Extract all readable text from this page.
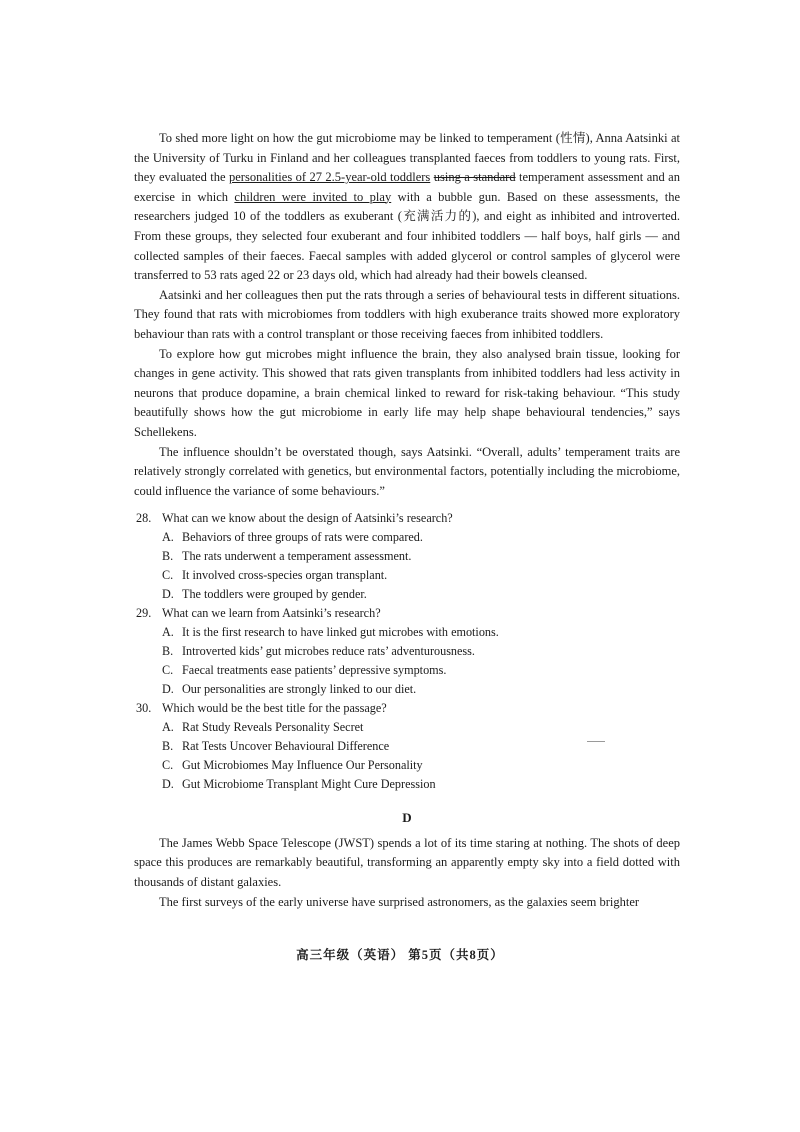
To shed more light on how the gut microbiome may be linked to temperament (性情), Anna Aatsinki at the University of Turku in Finland and her colleagues transplanted faeces from toddlers to young rats. First, they evaluated the personalities of 27 2.5-year-old toddlers using a standard temperament assessment and an exercise in which children were invited to play with a bubble gun. Based on these assessments, the researchers judged 10 of the toddlers as exuberant (充满活力的), and eight as inhibited and introverted. From these groups, they selected four exuberant and four inhibited toddlers — half boys, half girls — and collected samples of their faeces. Faecal samples with added glycerol or control samples of glycerol were transferred to 53 rats aged 22 or 23 days old, which had already had their bowels cleansed.

Aatsinki and her colleagues then put the rats through a series of behavioural tests in different situations. They found that rats with microbiomes from toddlers with high exuberance traits showed more exploratory behaviour than rats with a control transplant or those receiving faeces from inhibited toddlers.

To explore how gut microbes might influence the brain, they also analysed brain tissue, looking for changes in gene activity. This showed that rats given transplants from inhibited toddlers had less activity in neurons that produce dopamine, a brain chemical linked to reward for risk-taking behaviour. “This study beautifully shows how the gut microbiome in early life may help shape behavioural tendencies,” says Schellekens.

The influence shouldn’t be overstated though, says Aatsinki. “Overall, adults’ temperament traits are relatively strongly correlated with genetics, but environmental factors, potentially including the microbiome, could influence the variance of some behaviours.”

28. What can we know about the design of Aatsinki’s research?
A. Behaviors of three groups of rats were compared.
B. The rats underwent a temperament assessment.
C. It involved cross-species organ transplant.
D. The toddlers were grouped by gender.
29. What can we learn from Aatsinki’s research?
A. It is the first research to have linked gut microbes with emotions.
B. Introverted kids’ gut microbes reduce rats’ adventurousness.
C. Faecal treatments ease patients’ depressive symptoms.
D. Our personalities are strongly linked to our diet.
30. Which would be the best title for the passage?
A. Rat Study Reveals Personality Secret
B. Rat Tests Uncover Behavioural Difference
C. Gut Microbiomes May Influence Our Personality
D. Gut Microbiome Transplant Might Cure Depression
D

The James Webb Space Telescope (JWST) spends a lot of its time staring at nothing. The shots of deep space this produces are remarkably beautiful, transforming an apparently empty sky into a field dotted with thousands of distant galaxies.

The first surveys of the early universe have surprised astronomers, as the galaxies seem brighter

高三年级（英语） 第5页（共8页）
